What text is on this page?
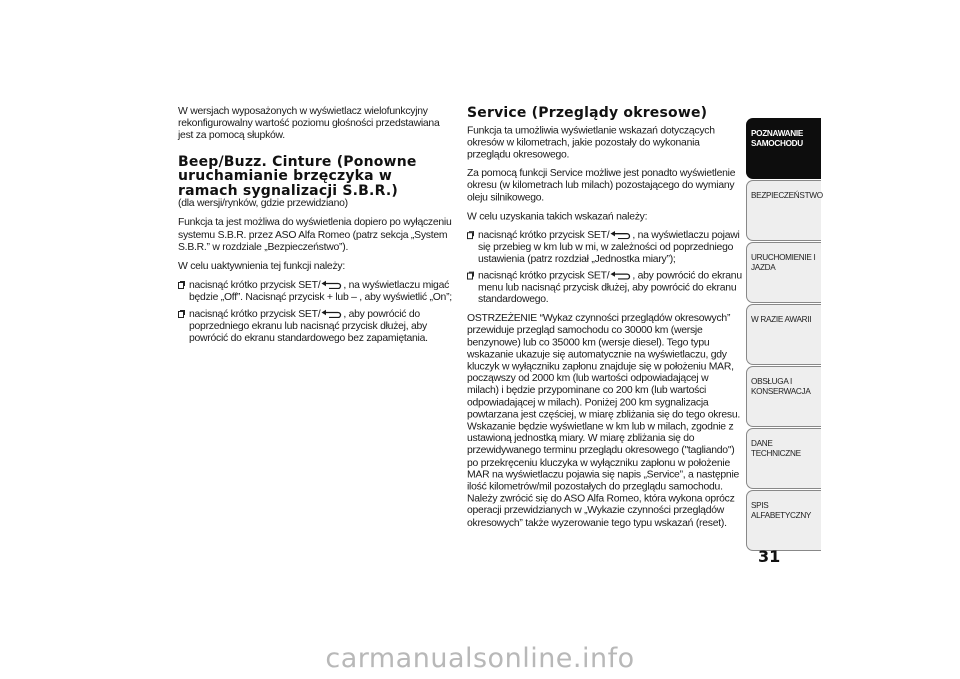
W wersjach wyposażonych w wyświetlacz wielofunkcyjny rekonfigurowalny wartość poziomu głośności przedstawiana jest za pomocą słupków.

Beep/Buzz. Cinture (Ponowne uruchamianie brzęczyka w ramach sygnalizacji S.B.R.)

(dla wersji/rynków, gdzie przewidziano)

Funkcja ta jest możliwa do wyświetlenia dopiero po wyłączeniu systemu S.B.R. przez ASO Alfa Romeo (patrz sekcja „System S.B.R.” w rozdziale „Bezpieczeństwo”).

W celu uaktywnienia tej funkcji należy:

nacisnąć krótko przycisk SET/ , na wyświetlaczu migać będzie „Off”. Nacisnąć przycisk + lub – , aby wyświetlić „On”;
nacisnąć krótko przycisk SET/ , aby powrócić do poprzedniego ekranu lub nacisnąć przycisk dłużej, aby powrócić do ekranu standardowego bez zapamiętania.
Service (Przeglądy okresowe)

Funkcja ta umożliwia wyświetlanie wskazań dotyczących okresów w kilometrach, jakie pozostały do wykonania przeglądu okresowego.

Za pomocą funkcji Service możliwe jest ponadto wyświetlenie okresu (w kilometrach lub milach) pozostającego do wymiany oleju silnikowego.

W celu uzyskania takich wskazań należy:

nacisnąć krótko przycisk SET/ , na wyświetlaczu pojawi się przebieg w km lub w mi, w zależności od poprzedniego ustawienia (patrz rozdział „Jednostka miary”);
nacisnąć krótko przycisk SET/ , aby powrócić do ekranu menu lub nacisnąć przycisk dłużej, aby powrócić do ekranu standardowego.

OSTRZEŻENIE “Wykaz czynności przeglądów okresowych” przewiduje przegląd samochodu co 30000 km (wersje benzynowe) lub co 35000 km (wersje diesel). Tego typu wskazanie ukazuje się automatycznie na wyświetlaczu, gdy kluczyk w wyłączniku zapłonu znajduje się w położeniu MAR, począwszy od 2000 km (lub wartości odpowiadającej w milach) i będzie przypominane co 200 km (lub wartości odpowiadającej w milach). Poniżej 200 km sygnalizacja powtarzana jest częściej, w miarę zbliżania się do tego okresu. Wskazanie będzie wyświetlane w km lub w milach, zgodnie z ustawioną jednostką miary. W miarę zbliżania się do przewidywanego terminu przeglądu okresowego ("tagliando") po przekręceniu kluczyka w wyłączniku zapłonu w położenie MAR na wyświetlaczu pojawia się napis „Service”, a następnie ilość kilometrów/mil pozostałych do przeglądu samochodu. Należy zwrócić się do ASO Alfa Romeo, która wykona oprócz operacji przewidzianych w „Wykazie czynności przeglądów okresowych” także wyzerowanie tego typu wskazań (reset).

POZNAWANIE SAMOCHODU
BEZPIECZEŃSTWO
URUCHOMIENIE I JAZDA
W RAZIE AWARII
OBSŁUGA I KONSERWACJA
DANE TECHNICZNE
SPIS ALFABETYCZNY
31
carmanualsonline.info
